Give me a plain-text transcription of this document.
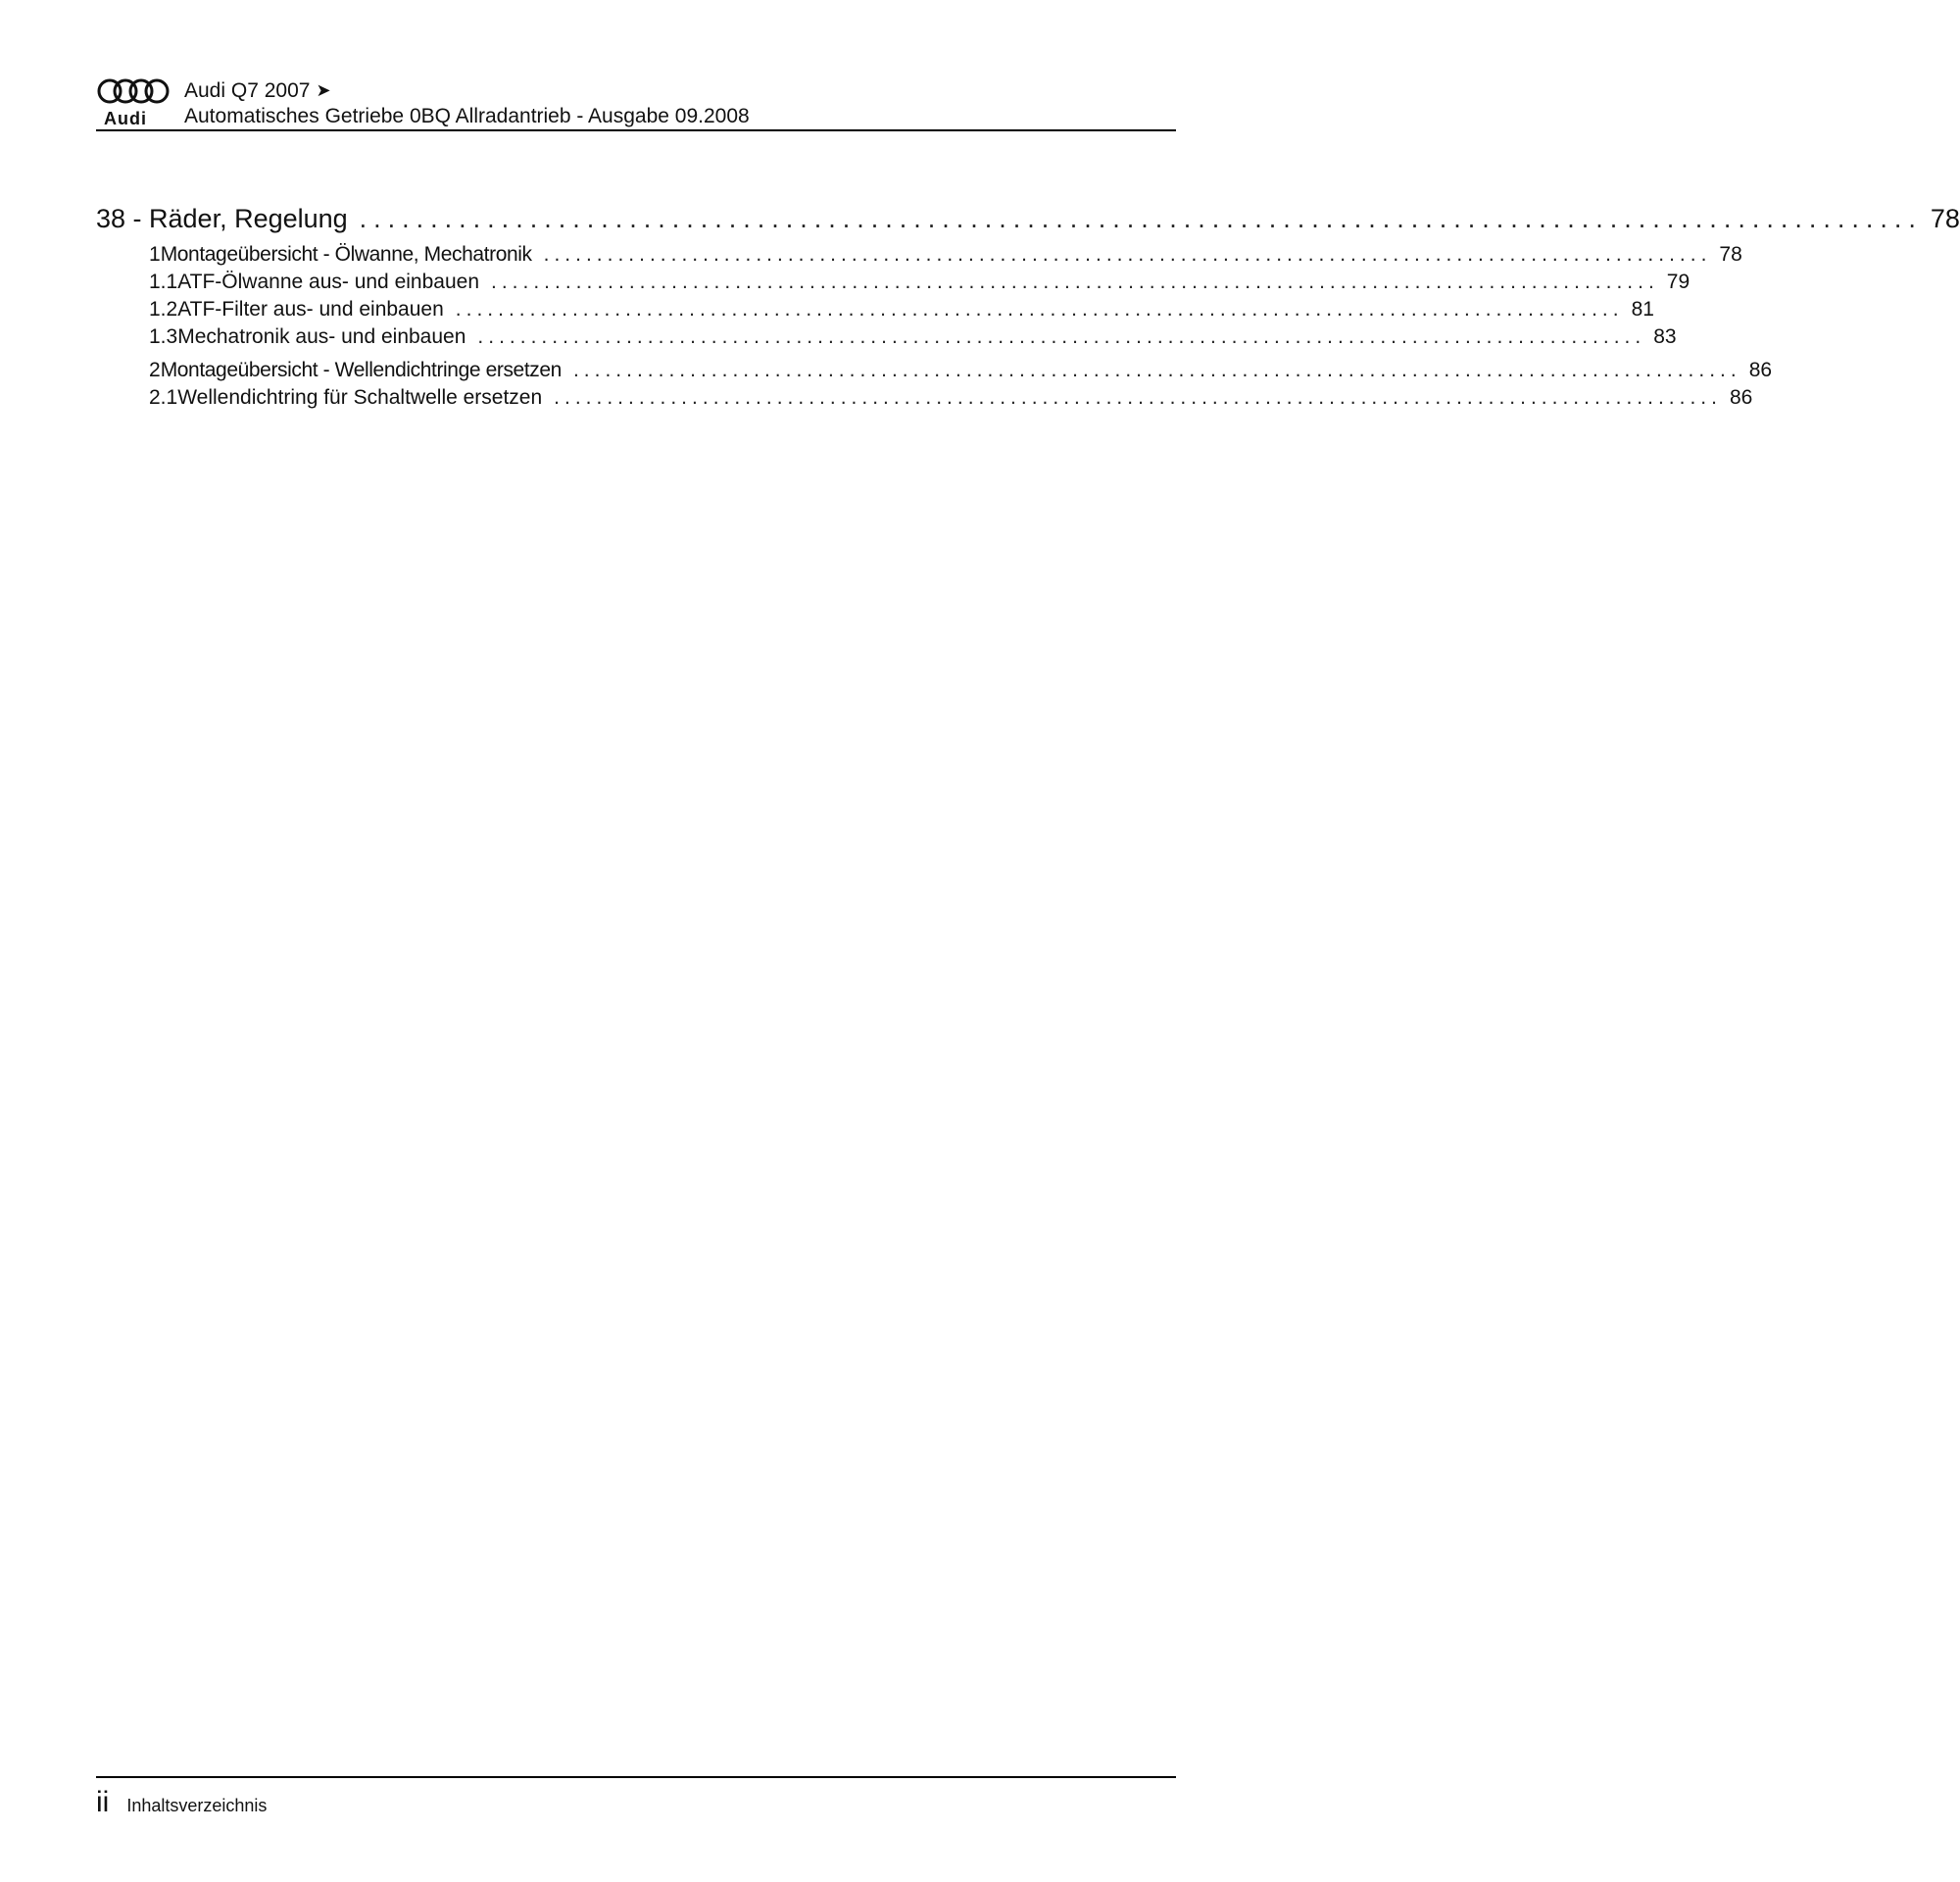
Audi
Audi Q7 2007 ➤
Automatisches Getriebe 0BQ Allradantrieb - Ausgabe 09.2008
38 - Räder, Regelung .............................................................................................................. 78
1 Montageübersicht - Ölwanne, Mechatronik .............................................................................................................. 78
1.1 ATF-Ölwanne aus- und einbauen .............................................................................................................. 79
1.2 ATF-Filter aus- und einbauen .............................................................................................................. 81
1.3 Mechatronik aus- und einbauen .............................................................................................................. 83
2 Montageübersicht - Wellendichtringe ersetzen .............................................................................................................. 86
2.1 Wellendichtring für Schaltwelle ersetzen .............................................................................................................. 86
ii Inhaltsverzeichnis
